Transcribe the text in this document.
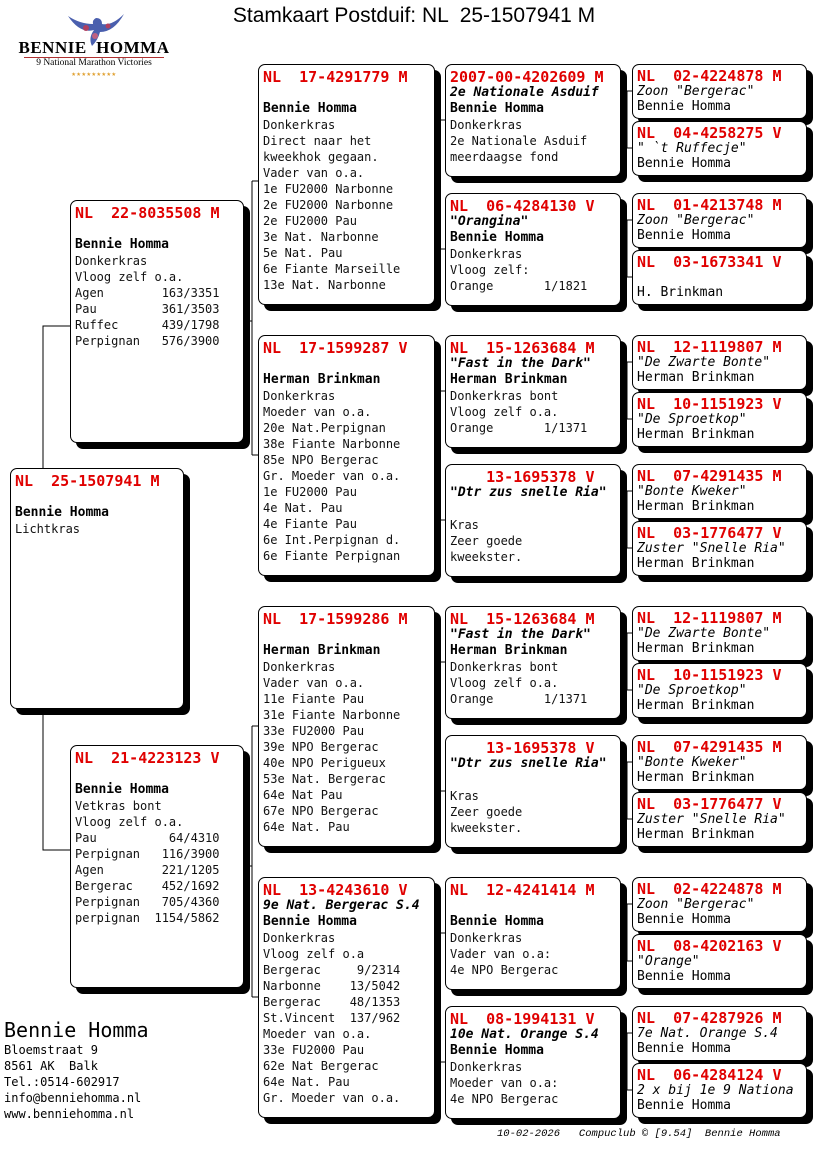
Stamkaart Postduif: NL  25-1507941 M
BENNIE  HOMMA
9 National Marathon Victories
★★★★★★★★★
NL  25-1507941 M
Bennie Homma
Lichtkras
NL  22-8035508 M
Bennie Homma
Donkerkras
Vloog zelf o.a.
Agen        163/3351
Pau         361/3503
Ruffec      439/1798
Perpignan   576/3900
NL  21-4223123 V
Bennie Homma
Vetkras bont
Vloog zelf o.a.
Pau          64/4310
Perpignan   116/3900
Agen        221/1205
Bergerac    452/1692
Perpignan   705/4360
perpignan  1154/5862
NL  17-4291779 M
Bennie Homma
Donkerkras
Direct naar het
kweekhok gegaan.
Vader van o.a.
1e FU2000 Narbonne
2e FU2000 Narbonne
2e FU2000 Pau
3e Nat. Narbonne
5e Nat. Pau
6e Fiante Marseille
13e Nat. Narbonne
NL  17-1599287 V
Herman Brinkman
Donkerkras
Moeder van o.a.
20e Nat.Perpignan
38e Fiante Narbonne
85e NPO Bergerac
Gr. Moeder van o.a.
1e FU2000 Pau
4e Nat. Pau
4e Fiante Pau
6e Int.Perpignan d.
6e Fiante Perpignan
NL  17-1599286 M
Herman Brinkman
Donkerkras
Vader van o.a.
11e Fiante Pau
31e Fiante Narbonne
33e FU2000 Pau
39e NPO Bergerac
40e NPO Perigueux
53e Nat. Bergerac
64e Nat Pau
67e NPO Bergerac
64e Nat. Pau
NL  13-4243610 V
9e Nat. Bergerac S.4
Bennie Homma
Donkerkras
Vloog zelf o.a
Bergerac     9/2314
Narbonne    13/5042
Bergerac    48/1353
St.Vincent  137/962
Moeder van o.a.
33e FU2000 Pau
62e Nat Bergerac
64e Nat. Pau
Gr. Moeder van o.a.
2007-00-4202609 M
2e Nationale Asduif
Bennie Homma
Donkerkras
2e Nationale Asduif
meerdaagse fond
NL  06-4284130 V
"Orangina"
Bennie Homma
Donkerkras
Vloog zelf:
Orange       1/1821
NL  15-1263684 M
"Fast in the Dark"
Herman Brinkman
Donkerkras bont
Vloog zelf o.a.
Orange       1/1371
13-1695378 V
"Dtr zus snelle Ria"
Kras
Zeer goede
kweekster.
NL  15-1263684 M
"Fast in the Dark"
Herman Brinkman
Donkerkras bont
Vloog zelf o.a.
Orange       1/1371
13-1695378 V
"Dtr zus snelle Ria"
Kras
Zeer goede
kweekster.
NL  12-4241414 M
Bennie Homma
Donkerkras
Vader van o.a:
4e NPO Bergerac
NL  08-1994131 V
10e Nat. Orange S.4
Bennie Homma
Donkerkras
Moeder van o.a:
4e NPO Bergerac
NL  02-4224878 M
Zoon "Bergerac"
Bennie Homma
NL  04-4258275 V
" `t Ruffecje"
Bennie Homma
NL  01-4213748 M
Zoon "Bergerac"
Bennie Homma
NL  03-1673341 V
H. Brinkman
NL  12-1119807 M
"De Zwarte Bonte"
Herman Brinkman
NL  10-1151923 V
"De Sproetkop"
Herman Brinkman
NL  07-4291435 M
"Bonte Kweker"
Herman Brinkman
NL  03-1776477 V
Zuster "Snelle Ria"
Herman Brinkman
NL  12-1119807 M
"De Zwarte Bonte"
Herman Brinkman
NL  10-1151923 V
"De Sproetkop"
Herman Brinkman
NL  07-4291435 M
"Bonte Kweker"
Herman Brinkman
NL  03-1776477 V
Zuster "Snelle Ria"
Herman Brinkman
NL  02-4224878 M
Zoon "Bergerac"
Bennie Homma
NL  08-4202163 V
"Orange"
Bennie Homma
NL  07-4287926 M
7e Nat. Orange S.4
Bennie Homma
NL  06-4284124 V
2 x bij 1e 9 Nationa
Bennie Homma
Bennie Homma
Bloemstraat 9
8561 AK  Balk
Tel.:0514-602917
info@benniehomma.nl
www.benniehomma.nl
10-02-2026   Compuclub © [9.54]  Bennie Homma
